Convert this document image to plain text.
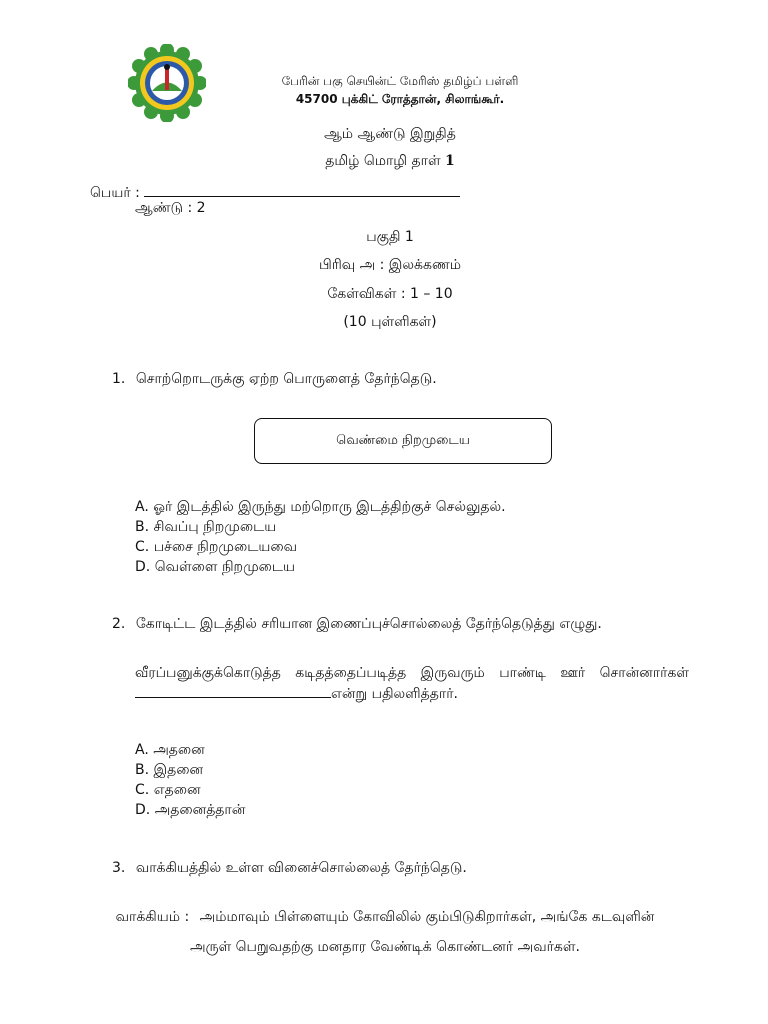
பேரின் பகு செயின்ட் மேரிஸ் தமிழ்ப் பள்ளி
45700 புக்கிட் ரோத்தான், சிலாங்கூர்.
ஆம் ஆண்டு இறுதித்
தமிழ் மொழி தாள் 1
பெயர் :
ஆண்டு : 2
பகுதி 1
பிரிவு அ : இலக்கணம்
கேள்விகள் : 1 – 10
(10 புள்ளிகள்)
1. சொற்றொடருக்கு ஏற்ற பொருளைத் தேர்ந்தெடு.
வெண்மை நிறமுடைய
A. ஓர் இடத்தில் இருந்து மற்றொரு இடத்திற்குச் செல்லுதல்.
B. சிவப்பு நிறமுடைய
C. பச்சை நிறமுடையவை
D. வெள்ளை நிறமுடைய
2. கோடிட்ட இடத்தில் சரியான இணைப்புச்சொல்லைத் தேர்ந்தெடுத்து எழுது.
வீரப்பனுக்குக்கொடுத்த கடிதத்தைப்படித்த இருவரும் பாண்டி ஊர் சொன்னார்கள்
என்று பதிலளித்தார்.
A. அதனை
B. இதனை
C. எதனை
D. அதனைத்தான்
3. வாக்கியத்தில் உள்ள வினைச்சொல்லைத் தேர்ந்தெடு.
வாக்கியம் : அம்மாவும் பிள்ளையும் கோவிலில் கும்பிடுகிறார்கள், அங்கே கடவுளின்
அருள் பெறுவதற்கு மனதார வேண்டிக் கொண்டனர் அவர்கள்.
